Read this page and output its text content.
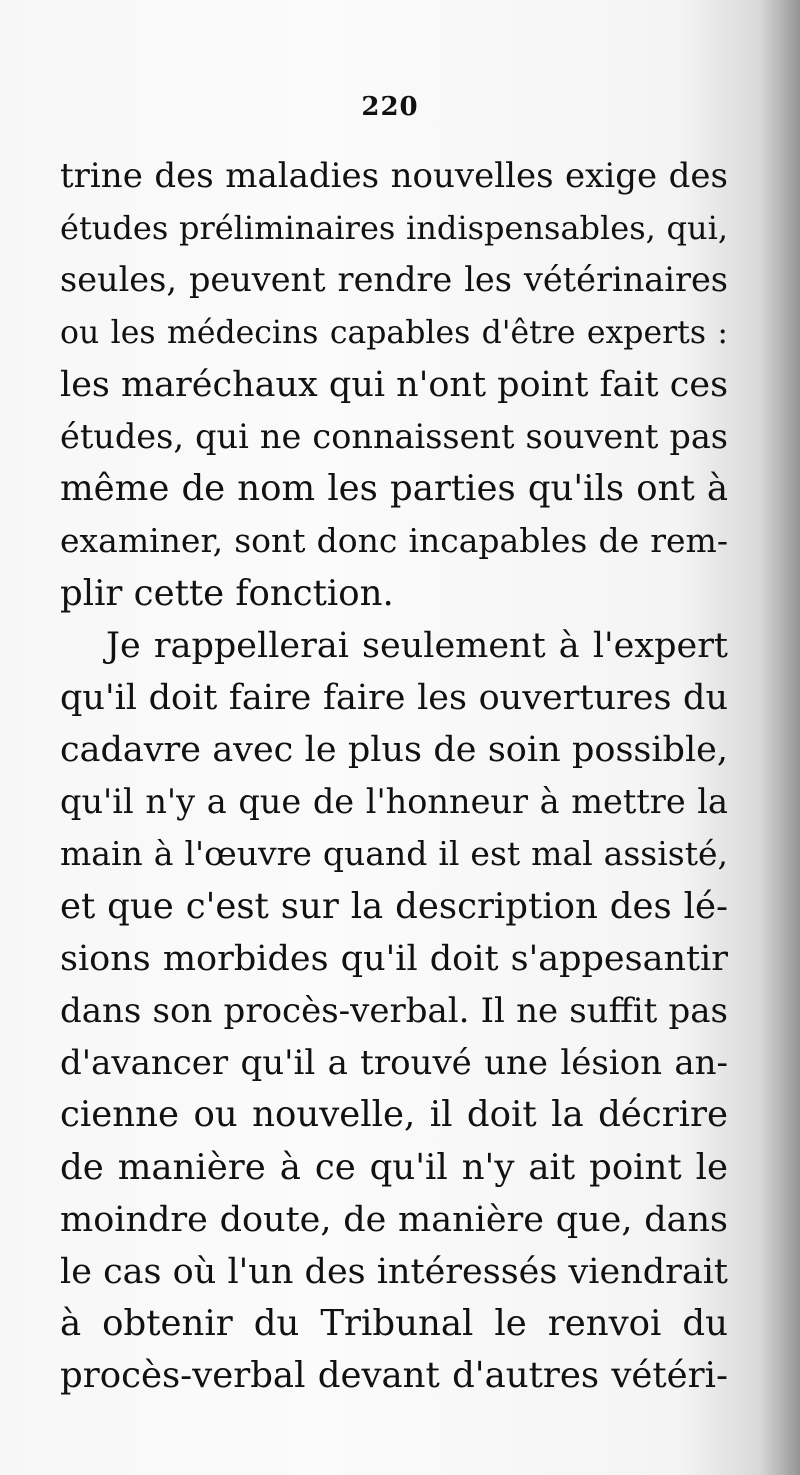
220
trine des maladies nouvelles exige des
études préliminaires indispensables, qui,
seules, peuvent rendre les vétérinaires
ou les médecins capables d'être experts :
les maréchaux qui n'ont point fait ces
études, qui ne connaissent souvent pas
même de nom les parties qu'ils ont à
examiner, sont donc incapables de rem-
plir cette fonction.
Je rappellerai seulement à l'expert
qu'il doit faire faire les ouvertures du
cadavre avec le plus de soin possible,
qu'il n'y a que de l'honneur à mettre la
main à l'œuvre quand il est mal assisté,
et que c'est sur la description des lé-
sions morbides qu'il doit s'appesantir
dans son procès-verbal. Il ne suffit pas
d'avancer qu'il a trouvé une lésion an-
cienne ou nouvelle, il doit la décrire
de manière à ce qu'il n'y ait point le
moindre doute, de manière que, dans
le cas où l'un des intéressés viendrait
à obtenir du Tribunal le renvoi du
procès-verbal devant d'autres vétéri-
